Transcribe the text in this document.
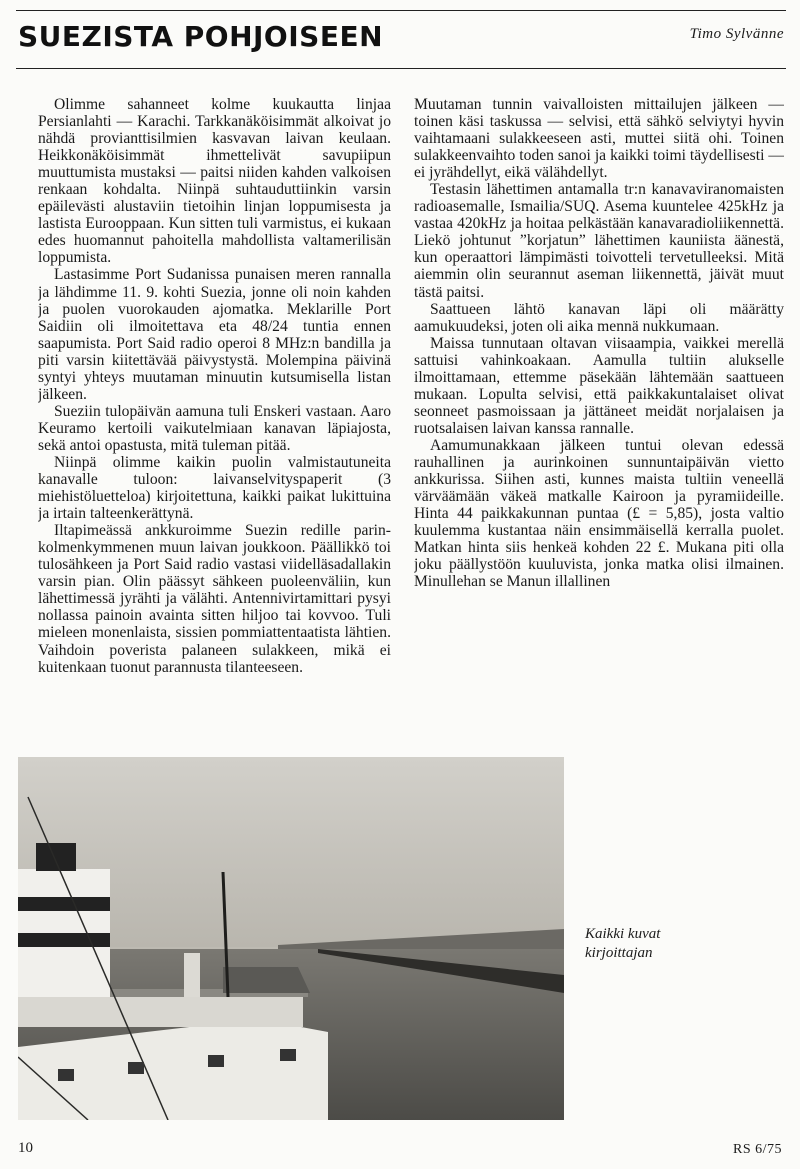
SUEZISTA POHJOISEEN	Timo Sylvänne

Olimme sahanneet kolme kuukautta linjaa Persianlahti — Karachi. Tarkkanäköisimmät alkoivat jo nähdä provianttisilmien kasvavan laivan keulaan. Heikkonäköisimmät ihmettelivät savupiipun muuttumista mustaksi — paitsi niiden kahden valkoisen renkaan kohdalta. Niinpä suhtauduttiinkin varsin epäilevästi alustaviin tietoihin linjan loppumisesta ja lastista Eurooppaan. Kun sitten tuli varmistus, ei kukaan edes huomannut pahoitella mahdollista valtamerilisän loppumista.

Lastasimme Port Sudanissa punaisen meren rannalla ja lähdimme 11. 9. kohti Suezia, jonne oli noin kahden ja puolen vuorokauden ajomatka. Meklarille Port Saidiin oli ilmoitettava eta 48/24 tuntia ennen saapumista. Port Said radio operoi 8 MHz:n bandilla ja piti varsin kiitettävää päivystystä. Molempina päivinä syntyi yhteys muutaman minuutin kutsumisella listan jälkeen.

Sueziin tulopäivän aamuna tuli Enskeri vastaan. Aaro Keuramo kertoili vaikutelmiaan kanavan läpiajosta, sekä antoi opastusta, mitä tuleman pitää.

Niinpä olimme kaikin puolin valmistautuneita kanavalle tuloon: laivanselvityspaperit (3 miehistöluetteloa) kirjoitettuna, kaikki paikat lukittuina ja irtain talteenkerättynä.

Iltapimeässä ankkuroimme Suezin redille parin- kolmenkymmenen muun laivan joukkoon. Päällikkö toi tulosähkeen ja Port Said radio vastasi viidelläsadallakin varsin pian. Olin päässyt sähkeen puoleenväliin, kun lähettimessä jyrähti ja välähti. Antennivirtamittari pysyi nollassa painoin avainta sitten hiljoo tai kovvoo. Tuli mieleen monenlaista, sissien pommiattentaatista lähtien. Vaihdoin poverista palaneen sulakkeen, mikä ei kuitenkaan tuonut parannusta tilanteeseen.

Muutaman tunnin vaivalloisten mittailujen jälkeen — toinen käsi taskussa — selvisi, että sähkö selviytyi hyvin vaihtamaani sulakkeeseen asti, muttei siitä ohi. Toinen sulakkeenvaihto toden sanoi ja kaikki toimi täydellisesti — ei jyrähdellyt, eikä välähdellyt.

Testasin lähettimen antamalla tr:n kanavaviranomaisten radioasemalle, Ismailia/SUQ. Asema kuuntelee 425kHz ja vastaa 420kHz ja hoitaa pelkästään kanavaradioliikennettä. Liekö johtunut ”korjatun” lähettimen kauniista äänestä, kun operaattori lämpimästi toivotteli tervetulleeksi. Mitä aiemmin olin seurannut aseman liikennettä, jäivät muut tästä paitsi.

Saattueen lähtö kanavan läpi oli määrätty aamukuudeksi, joten oli aika mennä nukkumaan.

Maissa tunnutaan oltavan viisaampia, vaikkei merellä sattuisi vahinkoakaan. Aamulla tultiin alukselle ilmoittamaan, ettemme päsekään lähtemään saattueen mukaan. Lopulta selvisi, että paikkakuntalaiset olivat seonneet pasmoissaan ja jättäneet meidät norjalaisen ja ruotsalaisen laivan kanssa rannalle.

Aamumunakkaan jälkeen tuntui olevan edessä rauhallinen ja aurinkoinen sunnuntaipäivän vietto ankkurissa. Siihen asti, kunnes maista tultiin veneellä värväämään väkeä matkalle Kairoon ja pyramiideille. Hinta 44 paikkakunnan puntaa (£ = 5,85), josta valtio kuulemma kustantaa näin ensimmäisellä kerralla puolet. Matkan hinta siis henkeä kohden 22 £. Mukana piti olla joku päällystöön kuuluvista, jonka matka olisi ilmainen. Minullehan se Manun illallinen

Kaikki kuvat
kirjoittajan
10	RS 6/75
